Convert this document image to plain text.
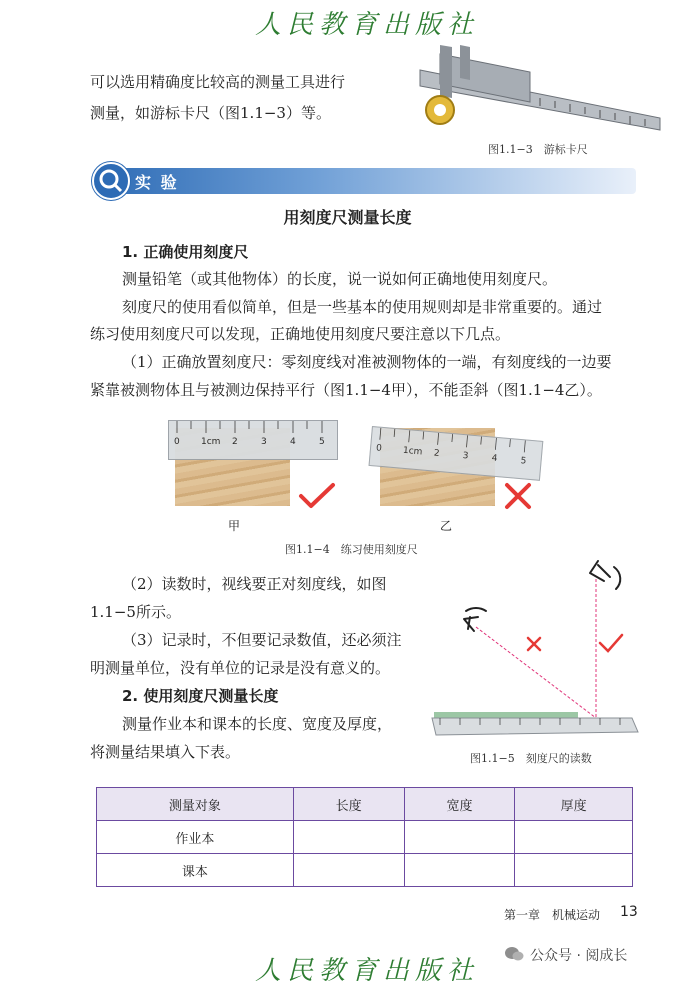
人民教育出版社
可以选用精确度比较高的测量工具进行
测量，如游标卡尺（图1.1−3）等。
图1.1−3　游标卡尺
实 验
用刻度尺测量长度
1. 正确使用刻度尺
测量铅笔（或其他物体）的长度，说一说如何正确地使用刻度尺。
刻度尺的使用看似简单，但是一些基本的使用规则却是非常重要的。通过
练习使用刻度尺可以发现，正确地使用刻度尺要注意以下几点。
（1）正确放置刻度尺：零刻度线对准被测物体的一端，有刻度线的一边要
紧靠被测物体且与被测边保持平行（图1.1−4甲），不能歪斜（图1.1−4乙）。
0 1cm 2	3	4	5
甲
0 1cm 2 3 4 5
乙
图1.1−4　练习使用刻度尺
（2）读数时，视线要正对刻度线，如图
1.1−5所示。
（3）记录时，不但要记录数值，还必须注
明测量单位，没有单位的记录是没有意义的。
2. 使用刻度尺测量长度
测量作业本和课本的长度、宽度及厚度，
将测量结果填入下表。	图1.1−5　刻度尺的读数
测量对象	长度	宽度	厚度
作业本			
课本			
第一章　机械运动 13
人民教育出版社	公众号 · 阅成长
